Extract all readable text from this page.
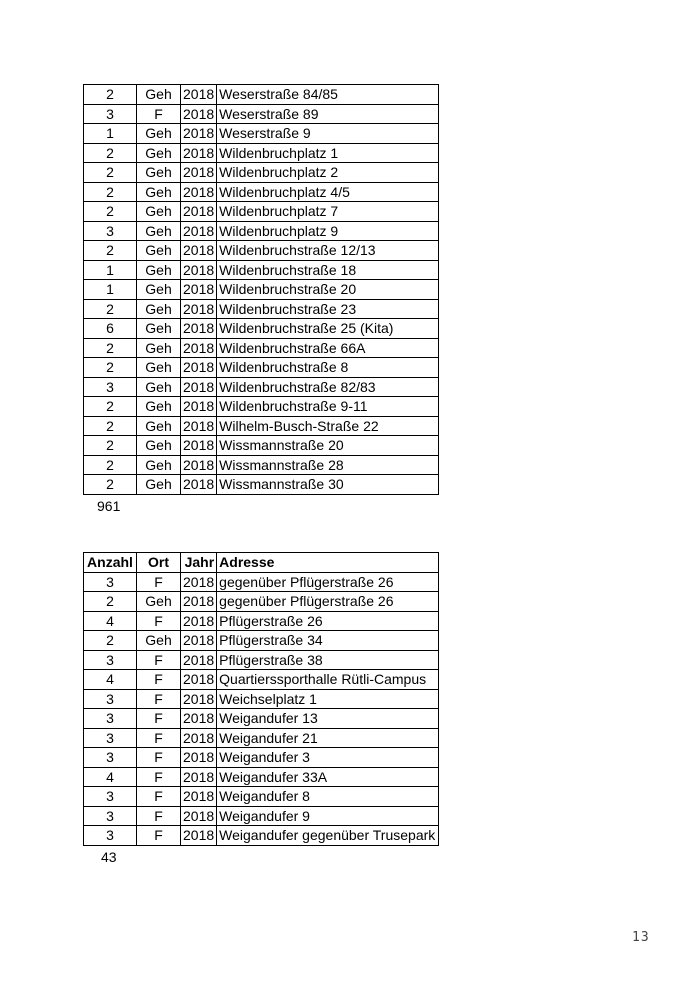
2	Geh	2018	Weserstraße 84/85
3	F	2018	Weserstraße 89
1	Geh	2018	Weserstraße 9
2	Geh	2018	Wildenbruchplatz 1
2	Geh	2018	Wildenbruchplatz 2
2	Geh	2018	Wildenbruchplatz 4/5
2	Geh	2018	Wildenbruchplatz 7
3	Geh	2018	Wildenbruchplatz 9
2	Geh	2018	Wildenbruchstraße 12/13
1	Geh	2018	Wildenbruchstraße 18
1	Geh	2018	Wildenbruchstraße 20
2	Geh	2018	Wildenbruchstraße 23
6	Geh	2018	Wildenbruchstraße 25 (Kita)
2	Geh	2018	Wildenbruchstraße 66A
2	Geh	2018	Wildenbruchstraße 8
3	Geh	2018	Wildenbruchstraße 82/83
2	Geh	2018	Wildenbruchstraße 9-11
2	Geh	2018	Wilhelm-Busch-Straße 22
2	Geh	2018	Wissmannstraße 20
2	Geh	2018	Wissmannstraße 28
2	Geh	2018	Wissmannstraße 30
961
Anzahl	Ort	Jahr	Adresse
3	F	2018	gegenüber Pflügerstraße 26
2	Geh	2018	gegenüber Pflügerstraße 26
4	F	2018	Pflügerstraße 26
2	Geh	2018	Pflügerstraße 34
3	F	2018	Pflügerstraße 38
4	F	2018	Quartierssporthalle Rütli-Campus
3	F	2018	Weichselplatz 1
3	F	2018	Weigandufer 13
3	F	2018	Weigandufer 21
3	F	2018	Weigandufer 3
4	F	2018	Weigandufer 33A
3	F	2018	Weigandufer 8
3	F	2018	Weigandufer 9
3	F	2018	Weigandufer gegenüber Trusepark
43
13
